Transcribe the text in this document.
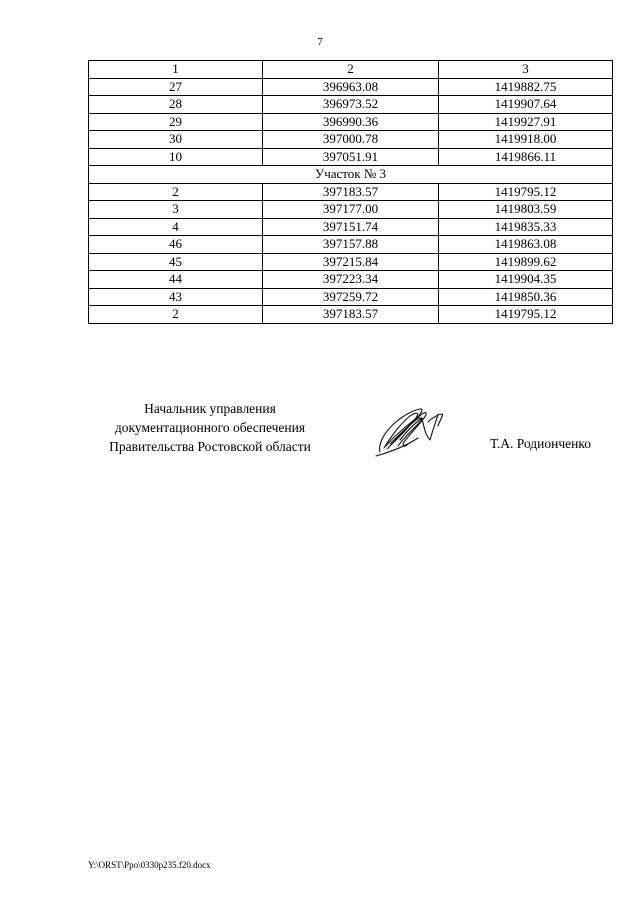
7
1	2	3
27	396963.08	1419882.75
28	396973.52	1419907.64
29	396990.36	1419927.91
30	397000.78	1419918.00
10	397051.91	1419866.11
Участок № 3		
2	397183.57	1419795.12
3	397177.00	1419803.59
4	397151.74	1419835.33
46	397157.88	1419863.08
45	397215.84	1419899.62
44	397223.34	1419904.35
43	397259.72	1419850.36
2	397183.57	1419795.12
Начальник управления
документационного обеспечения
Правительства Ростовской области	Т.А. Родионченко
Y:\ORST\Ppo\0330p235.f20.docx
